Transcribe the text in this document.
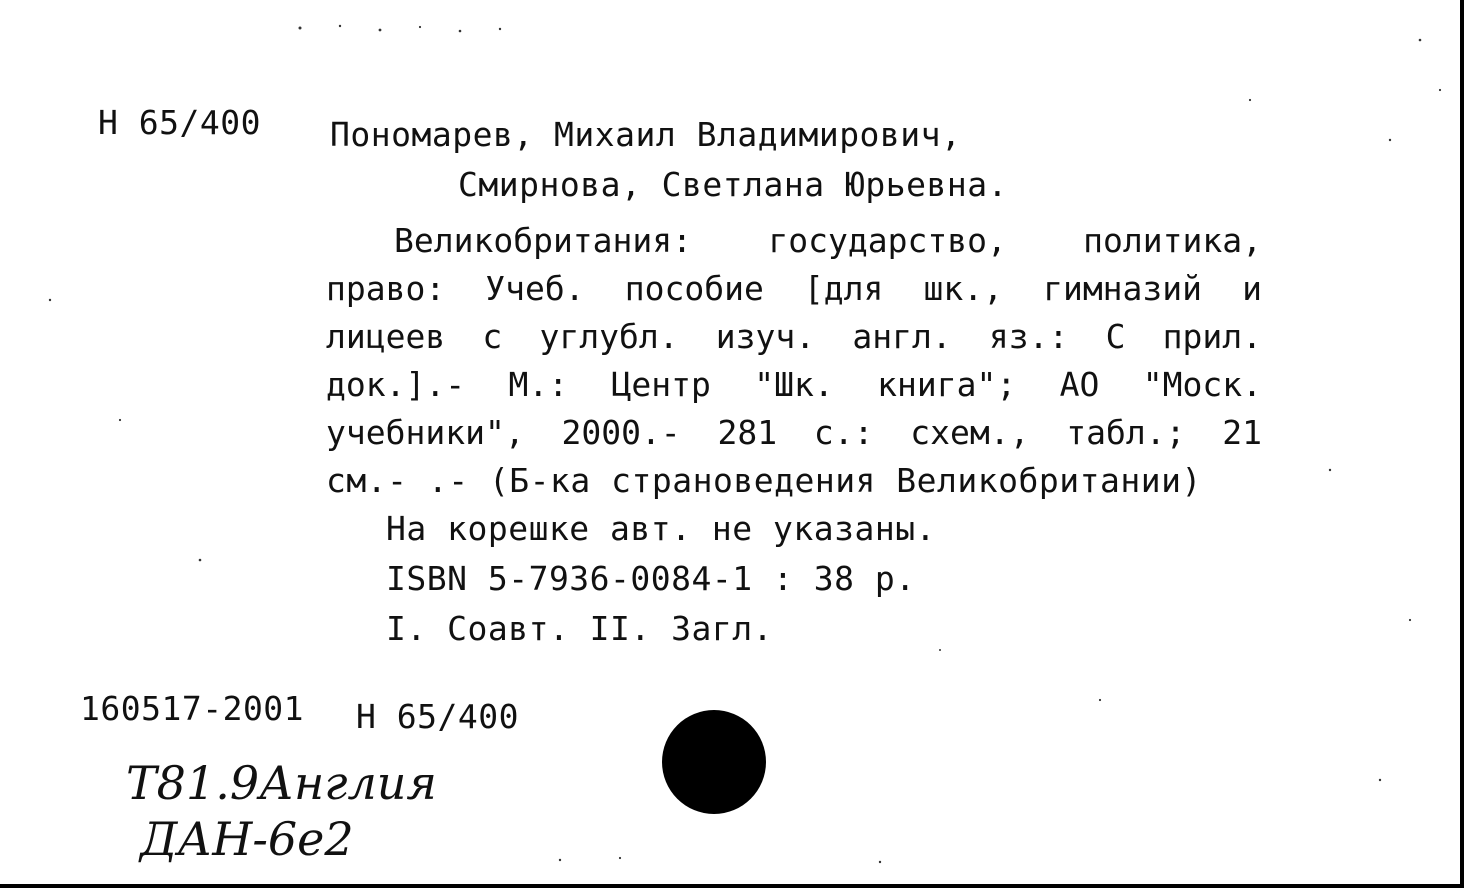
H 65/400 Пономарев, Михаил Владимирович,
Смирнова, Светлана Юрьевна.
Великобритания: государство, политика,
право: Учеб. пособие [для шк., гимназий и
лицеев с углубл. изуч. англ. яз.: С прил.
док.].- М.: Центр "Шк. книга"; АО "Моск.
учебники", 2000.- 281 с.: схем., табл.; 21
см.- .- (Б-ка страноведения Великобритании)
На корешке авт. не указаны.
ISBN 5-7936-0084-1 : 38 р.
I. Соавт. II. Загл.
160517-2001 H 65/400
Т81.9Англия
ДАН-6е2
